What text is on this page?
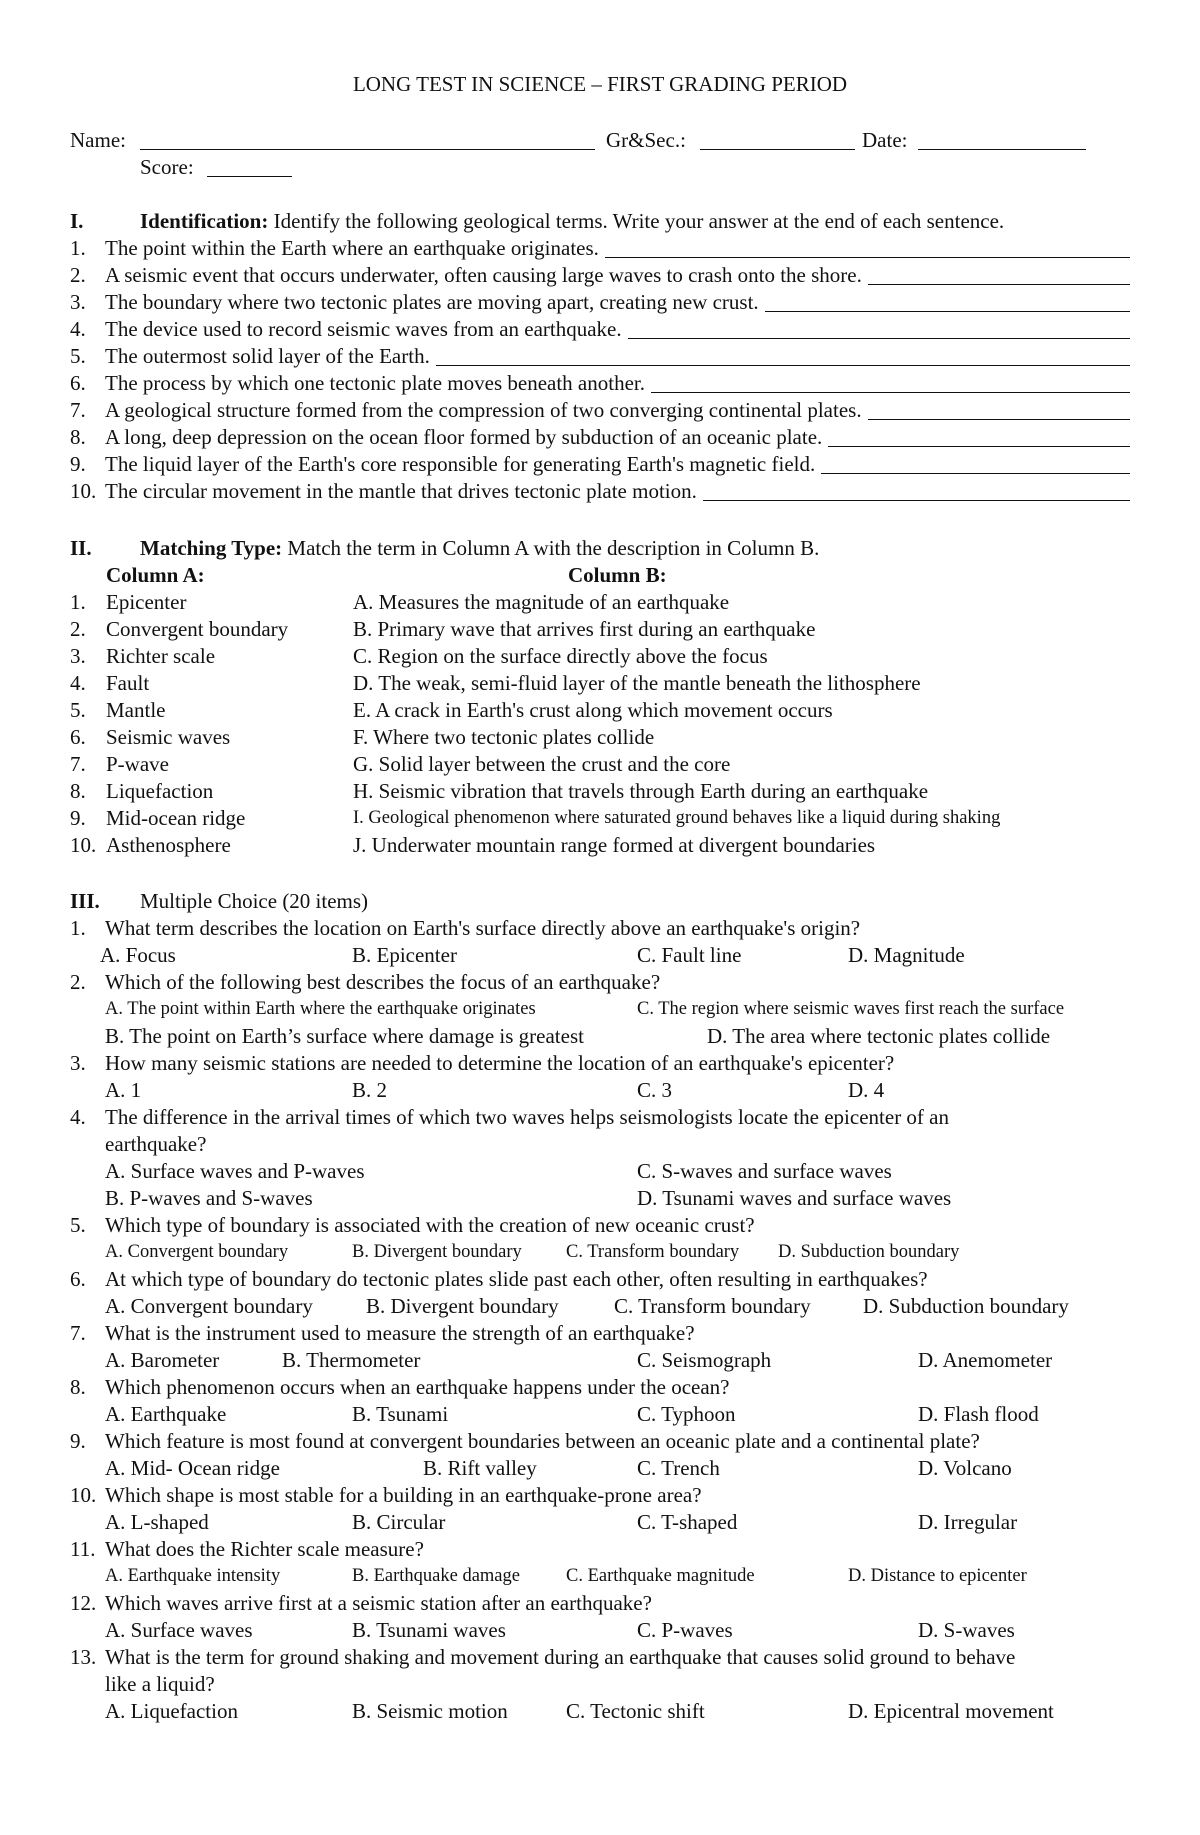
LONG TEST IN SCIENCE – FIRST GRADING PERIOD
Name:	Gr&Sec.:	Date:
Score:
I.	Identification: Identify the following geological terms. Write your answer at the end of each sentence.
1. The point within the Earth where an earthquake originates.
2. A seismic event that occurs underwater, often causing large waves to crash onto the shore.
3. The boundary where two tectonic plates are moving apart, creating new crust.
4. The device used to record seismic waves from an earthquake.
5. The outermost solid layer of the Earth.
6. The process by which one tectonic plate moves beneath another.
7. A geological structure formed from the compression of two converging continental plates.
8. A long, deep depression on the ocean floor formed by subduction of an oceanic plate.
9. The liquid layer of the Earth's core responsible for generating Earth's magnetic field.
10. The circular movement in the mantle that drives tectonic plate motion.
II. Matching Type: Match the term in Column A with the description in Column B.
Column A:	Column B:
1. Epicenter	A. Measures the magnitude of an earthquake
2. Convergent boundary	B. Primary wave that arrives first during an earthquake
3. Richter scale	C. Region on the surface directly above the focus
4. Fault	D. The weak, semi-fluid layer of the mantle beneath the lithosphere
5. Mantle	E. A crack in Earth's crust along which movement occurs
6. Seismic waves	F. Where two tectonic plates collide
7. P-wave	G. Solid layer between the crust and the core
8. Liquefaction	H. Seismic vibration that travels through Earth during an earthquake
9. Mid-ocean ridge	I. Geological phenomenon where saturated ground behaves like a liquid during shaking
10. Asthenosphere	J. Underwater mountain range formed at divergent boundaries
III. Multiple Choice (20 items)
1. What term describes the location on Earth's surface directly above an earthquake's origin?
A. Focus	B. Epicenter	C. Fault line	D. Magnitude
2. Which of the following best describes the focus of an earthquake?
A. The point within Earth where the earthquake originates	C. The region where seismic waves first reach the surface
B. The point on Earth’s surface where damage is greatest	D. The area where tectonic plates collide
3. How many seismic stations are needed to determine the location of an earthquake's epicenter?
A. 1	B. 2	C. 3	D. 4
4. The difference in the arrival times of which two waves helps seismologists locate the epicenter of an
earthquake?
A. Surface waves and P-waves	C. S-waves and surface waves
B. P-waves and S-waves	D. Tsunami waves and surface waves
5. Which type of boundary is associated with the creation of new oceanic crust?
A. Convergent boundary	B. Divergent boundary C. Transform boundary D. Subduction boundary
6. At which type of boundary do tectonic plates slide past each other, often resulting in earthquakes?
A. Convergent boundary	B. Divergent boundary	C. Transform boundary D. Subduction boundary
7. What is the instrument used to measure the strength of an earthquake?
A. Barometer	B. Thermometer	C. Seismograph	D. Anemometer
8. Which phenomenon occurs when an earthquake happens under the ocean?
A. Earthquake	B. Tsunami	C. Typhoon	D. Flash flood
9. Which feature is most found at convergent boundaries between an oceanic plate and a continental plate?
A. Mid- Ocean ridge	B. Rift valley	C. Trench	D. Volcano
10. Which shape is most stable for a building in an earthquake-prone area?
A. L-shaped	B. Circular	C. T-shaped	D. Irregular
11. What does the Richter scale measure?
A. Earthquake intensity	B. Earthquake damage C. Earthquake magnitude	D. Distance to epicenter
12. Which waves arrive first at a seismic station after an earthquake?
A. Surface waves	B. Tsunami waves	C. P-waves	D. S-waves
13. What is the term for ground shaking and movement during an earthquake that causes solid ground to behave
like a liquid?
A. Liquefaction	B. Seismic motion	C. Tectonic shift	D. Epicentral movement
